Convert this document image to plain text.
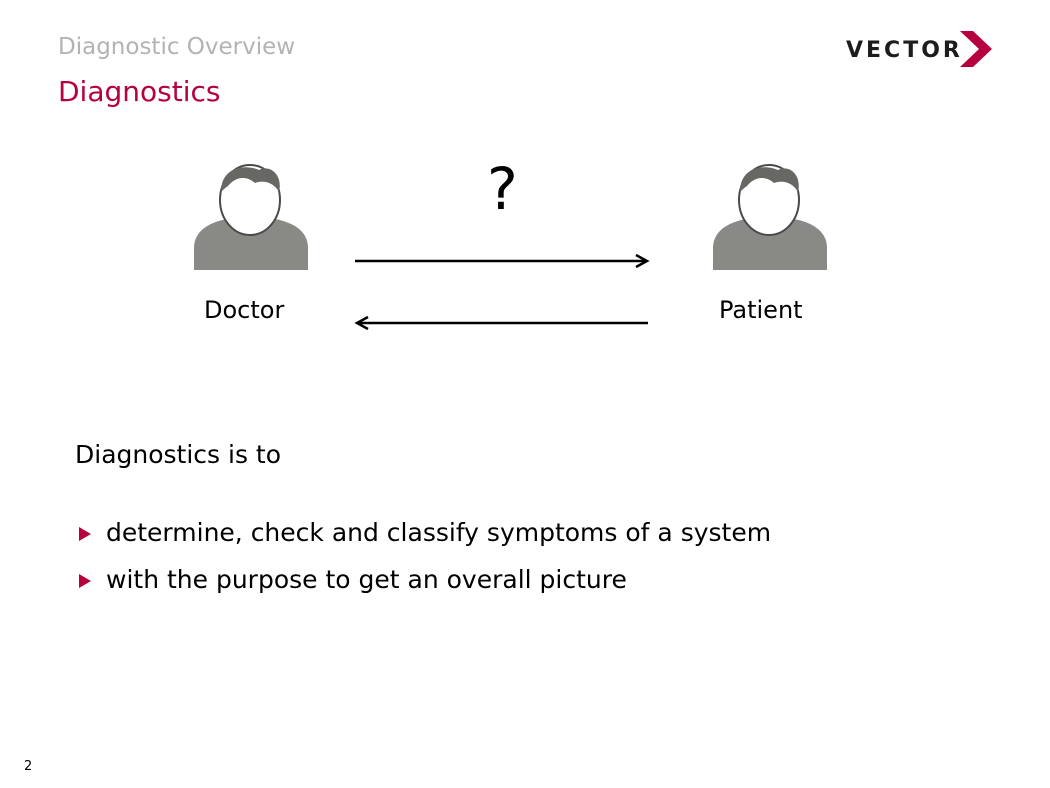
Diagnostic Overview
Diagnostics
VECTOR
Doctor	Patient
?
Diagnostics is to
determine, check and classify symptoms of a system
with the purpose to get an overall picture
2
